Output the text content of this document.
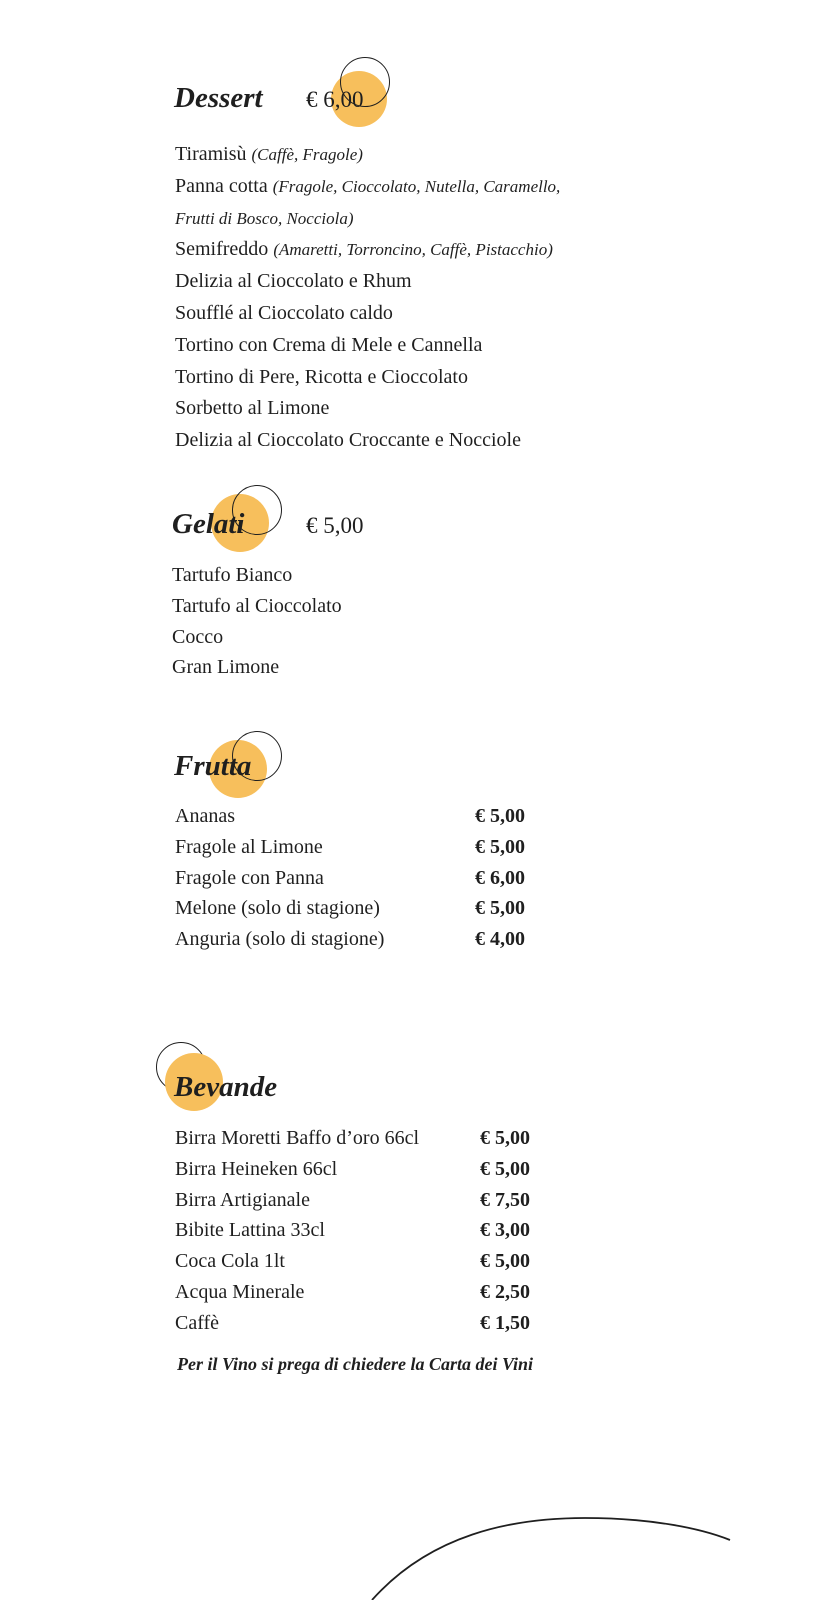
Dessert € 6,00
Tiramisù (Caffè, Fragole)
Panna cotta (Fragole, Cioccolato, Nutella, Caramello,
Frutti di Bosco, Nocciola)
Semifreddo (Amaretti, Torroncino, Caffè, Pistacchio)
Delizia al Cioccolato e Rhum
Soufflé al Cioccolato caldo
Tortino con Crema di Mele e Cannella
Tortino di Pere, Ricotta e Cioccolato
Sorbetto al Limone
Delizia al Cioccolato Croccante e Nocciole
Gelati	€ 5,00
Tartufo Bianco
Tartufo al Cioccolato
Cocco
Gran Limone
Frutta
Ananas	€ 5,00
Fragole al Limone	€ 5,00
Fragole con Panna	€ 6,00
Melone (solo di stagione)	€ 5,00
Anguria (solo di stagione)	€ 4,00
Bevande
Birra Moretti Baffo d’oro 66cl	€ 5,00
Birra Heineken 66cl	€ 5,00
Birra Artigianale	€ 7,50
Bibite Lattina 33cl	€ 3,00
Coca Cola 1lt	€ 5,00
Acqua Minerale	€ 2,50
Caffè	€ 1,50
Per il Vino si prega di chiedere la Carta dei Vini
